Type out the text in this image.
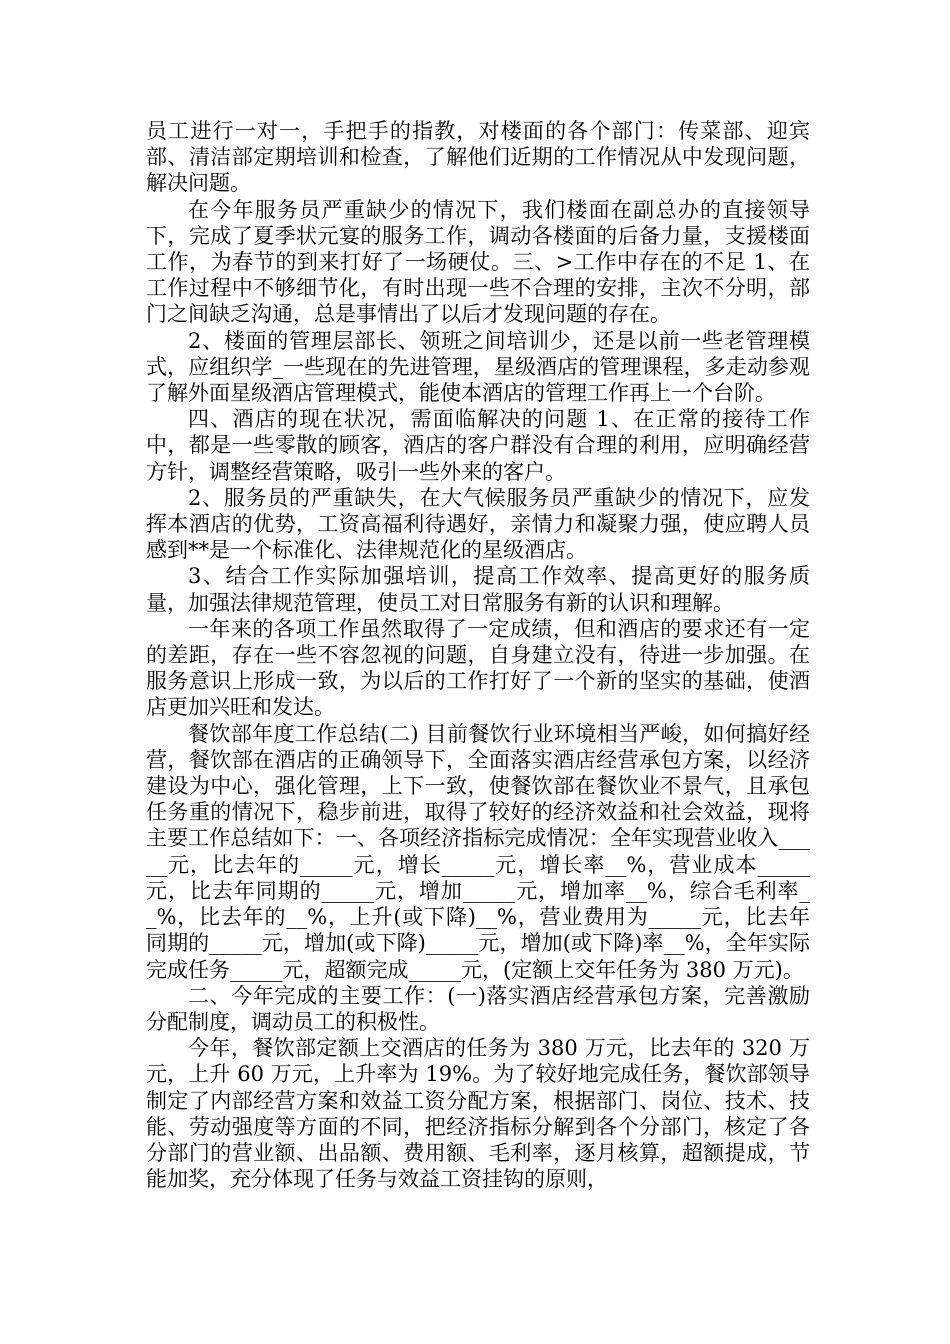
员工进行一对一，手把手的指教，对楼面的各个部门：传菜部、迎宾部、清洁部定期培训和检查，了解他们近期的工作情况从中发现问题，解决问题。

在今年服务员严重缺少的情况下，我们楼面在副总办的直接领导下，完成了夏季状元宴的服务工作，调动各楼面的后备力量，支援楼面工作，为春节的到来打好了一场硬仗。三、>工作中存在的不足 1、在工作过程中不够细节化，有时出现一些不合理的安排，主次不分明，部门之间缺乏沟通，总是事情出了以后才发现问题的存在。

2、楼面的管理层部长、领班之间培训少，还是以前一些老管理模式，应组织学_一些现在的先进管理，星级酒店的管理课程，多走动参观了解外面星级酒店管理模式，能使本酒店的管理工作再上一个台阶。

四、酒店的现在状况，需面临解决的问题 1、在正常的接待工作中，都是一些零散的顾客，酒店的客户群没有合理的利用，应明确经营方针，调整经营策略，吸引一些外来的客户。

2、服务员的严重缺失，在大气候服务员严重缺少的情况下，应发挥本酒店的优势，工资高福利待遇好，亲情力和凝聚力强，使应聘人员感到**是一个标准化、法律规范化的星级酒店。

3、结合工作实际加强培训，提高工作效率、提高更好的服务质量，加强法律规范管理，使员工对日常服务有新的认识和理解。

一年来的各项工作虽然取得了一定成绩，但和酒店的要求还有一定的差距，存在一些不容忽视的问题，自身建立没有，待进一步加强。在服务意识上形成一致，为以后的工作打好了一个新的坚实的基础，使酒店更加兴旺和发达。

餐饮部年度工作总结(二) 目前餐饮行业环境相当严峻，如何搞好经营，餐饮部在酒店的正确领导下，全面落实酒店经营承包方案，以经济建设为中心，强化管理，上下一致，使餐饮部在餐饮业不景气，且承包任务重的情况下，稳步前进，取得了较好的经济效益和社会效益，现将主要工作总结如下：一、各项经济指标完成情况：全年实现营业收入_____元，比去年的_____元，增长_____元，增长率__%，营业成本_____元，比去年同期的_____元，增加_____元，增加率__%，综合毛利率__%，比去年的__%，上升(或下降)__%，营业费用为_____元，比去年同期的_____元，增加(或下降)_____元，增加(或下降)率__%，全年实际完成任务_____元，超额完成_____元，(定额上交年任务为 380 万元)。

二、今年完成的主要工作：(一)落实酒店经营承包方案，完善激励分配制度，调动员工的积极性。

今年，餐饮部定额上交酒店的任务为 380 万元，比去年的 320 万元，上升 60 万元，上升率为 19%。为了较好地完成任务，餐饮部领导制定了内部经营方案和效益工资分配方案，根据部门、岗位、技术、技能、劳动强度等方面的不同，把经济指标分解到各个分部门，核定了各分部门的营业额、出品额、费用额、毛利率，逐月核算，超额提成，节能加奖，充分体现了任务与效益工资挂钩的原则，
